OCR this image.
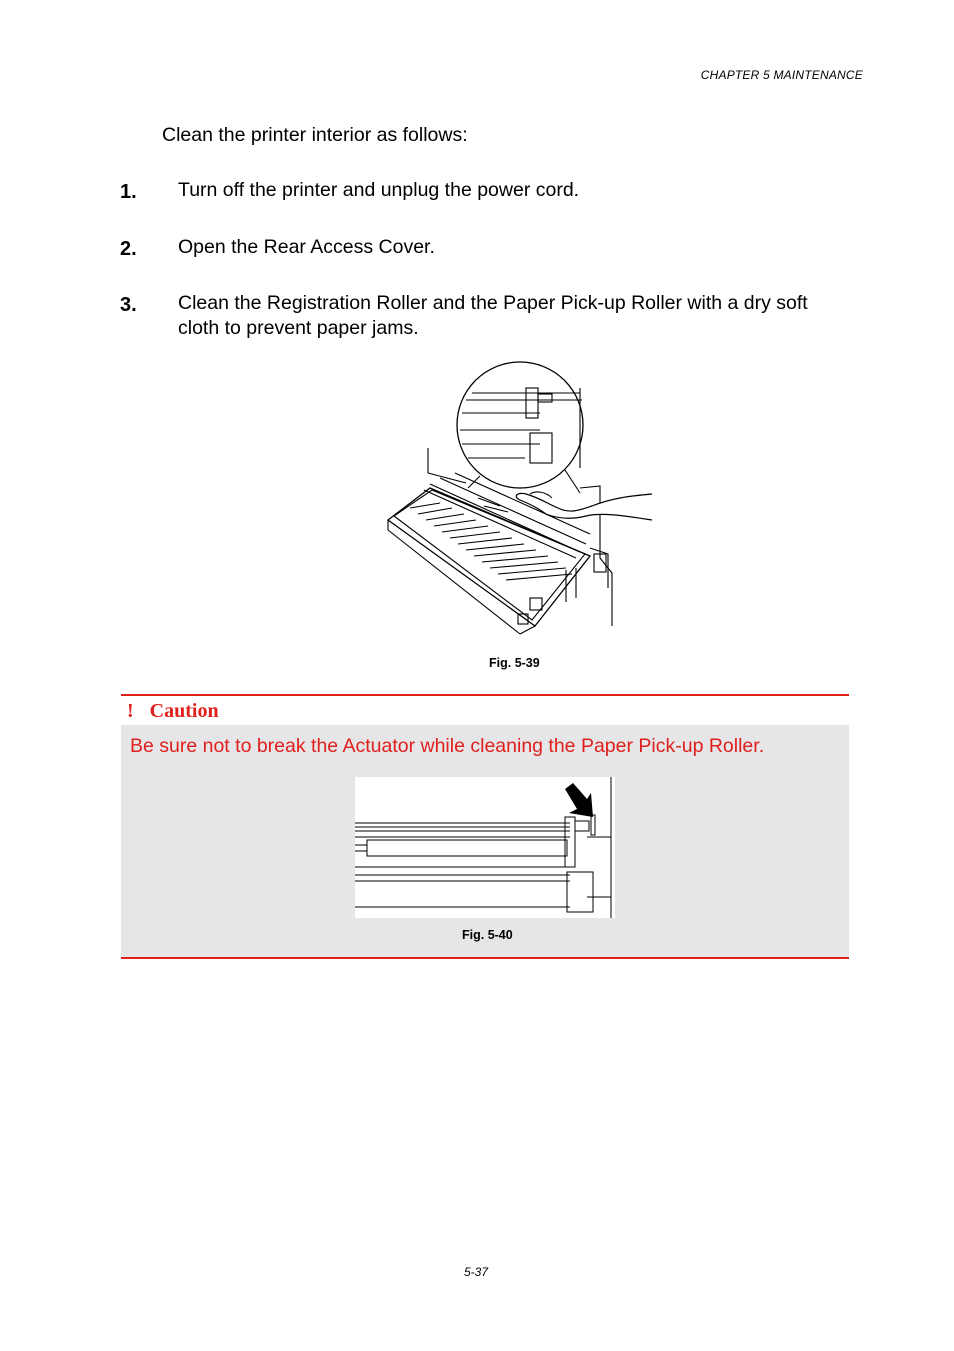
CHAPTER 5 MAINTENANCE
Clean the printer interior as follows:
1. Turn off the printer and unplug the power cord.
2. Open the Rear Access Cover.
3. Clean the Registration Roller and the Paper Pick-up Roller with a dry soft cloth to prevent paper jams.
Fig. 5-39
! Caution
Be sure not to break the Actuator while cleaning the Paper Pick-up Roller.
Fig. 5-40
5-37
